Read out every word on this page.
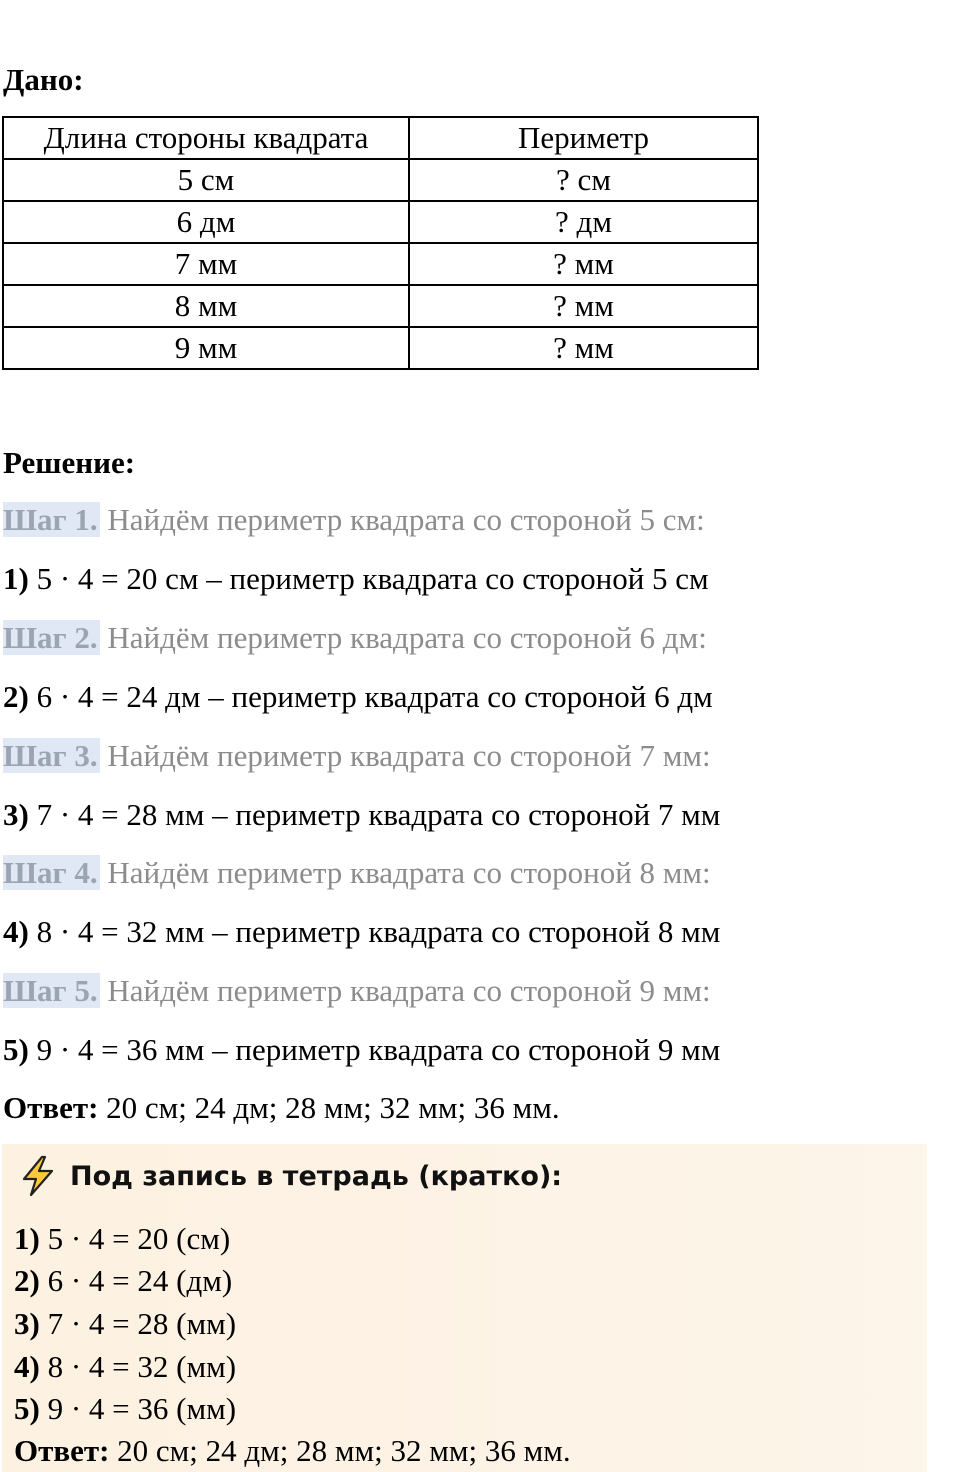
Дано:
Длина стороны квадрата	Периметр
5 см	? см
6 дм	? дм
7 мм	? мм
8 мм	? мм
9 мм	? мм
Решение:
Шаг 1. Найдём периметр квадрата со стороной 5 см:
1) 5 · 4 = 20 см – периметр квадрата со стороной 5 см
Шаг 2. Найдём периметр квадрата со стороной 6 дм:
2) 6 · 4 = 24 дм – периметр квадрата со стороной 6 дм
Шаг 3. Найдём периметр квадрата со стороной 7 мм:
3) 7 · 4 = 28 мм – периметр квадрата со стороной 7 мм
Шаг 4. Найдём периметр квадрата со стороной 8 мм:
4) 8 · 4 = 32 мм – периметр квадрата со стороной 8 мм
Шаг 5. Найдём периметр квадрата со стороной 9 мм:
5) 9 · 4 = 36 мм – периметр квадрата со стороной 9 мм
Ответ: 20 см; 24 дм; 28 мм; 32 мм; 36 мм.
Под запись в тетрадь (кратко):
1) 5 · 4 = 20 (см)
2) 6 · 4 = 24 (дм)
3) 7 · 4 = 28 (мм)
4) 8 · 4 = 32 (мм)
5) 9 · 4 = 36 (мм)
Ответ: 20 см; 24 дм; 28 мм; 32 мм; 36 мм.
